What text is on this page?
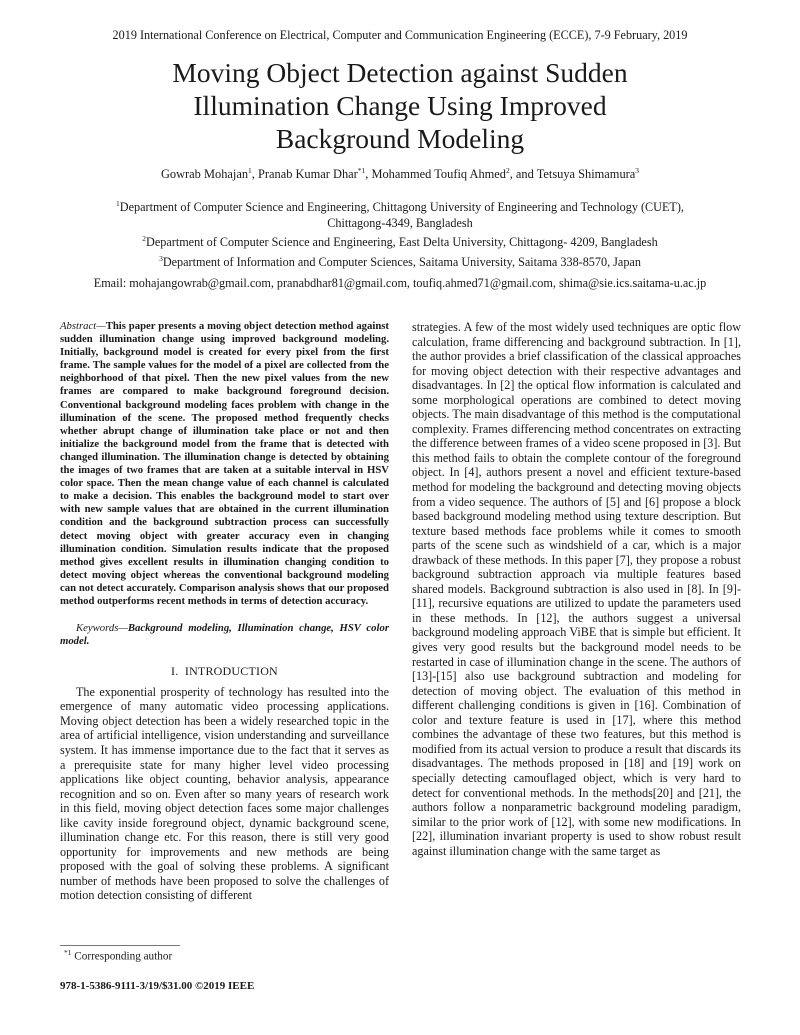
2019 International Conference on Electrical, Computer and Communication Engineering (ECCE), 7-9 February, 2019
Moving Object Detection against Sudden
Illumination Change Using Improved
Background Modeling
Gowrab Mohajan$^1$, Pranab Kumar Dhar$^{*1}$, Mohammed Toufiq Ahmed$^2$, and Tetsuya Shimamura$^3$
$^1$Department of Computer Science and Engineering, Chittagong University of Engineering and Technology (CUET),
Chittagong-4349, Bangladesh
$^2$Department of Computer Science and Engineering, East Delta University, Chittagong- 4209, Bangladesh
$^3$Department of Information and Computer Sciences, Saitama University, Saitama 338-8570, Japan
Email: mohajangowrab@gmail.com, pranabdhar81@gmail.com, toufiq.ahmed71@gmail.com, shima@sie.ics.saitama-u.ac.jp

Abstract—This paper presents a moving object detection method against sudden illumination change using improved background modeling. Initially, background model is created for every pixel from the first frame. The sample values for the model of a pixel are collected from the neighborhood of that pixel. Then the new pixel values from the new frames are compared to make background foreground decision. Conventional background modeling faces problem with change in the illumination of the scene. The proposed method frequently checks whether abrupt change of illumination take place or not and then initialize the background model from the frame that is detected with changed illumination. The illumination change is detected by obtaining the images of two frames that are taken at a suitable interval in HSV color space. Then the mean change value of each channel is calculated to make a decision. This enables the background model to start over with new sample values that are obtained in the current illumination condition and the background subtraction process can successfully detect moving object with greater accuracy even in changing illumination condition. Simulation results indicate that the proposed method gives excellent results in illumination changing condition to detect moving object whereas the conventional background modeling can not detect accurately. Comparison analysis shows that our proposed method outperforms recent methods in terms of detection accuracy.

Keywords—Background modeling, Illumination change, HSV color model.

I. INTRODUCTION

The exponential prosperity of technology has resulted into the emergence of many automatic video processing applications. Moving object detection has been a widely researched topic in the area of artificial intelligence, vision understanding and surveillance system. It has immense importance due to the fact that it serves as a prerequisite state for many higher level video processing applications like object counting, behavior analysis, appearance recognition and so on. Even after so many years of research work in this field, moving object detection faces some major challenges like cavity inside foreground object, dynamic background scene, illumination change etc. For this reason, there is still very good opportunity for improvements and new methods are being proposed with the goal of solving these problems. A significant number of methods have been proposed to solve the challenges of motion detection consisting of different

strategies. A few of the most widely used techniques are optic flow calculation, frame differencing and background subtraction. In [1], the author provides a brief classification of the classical approaches for moving object detection with their respective advantages and disadvantages. In [2] the optical flow information is calculated and some morphological operations are combined to detect moving objects. The main disadvantage of this method is the computational complexity. Frames differencing method concentrates on extracting the difference between frames of a video scene proposed in [3]. But this method fails to obtain the complete contour of the foreground object. In [4], authors present a novel and efficient texture-based method for modeling the background and detecting moving objects from a video sequence. The authors of [5] and [6] propose a block based background modeling method using texture description. But texture based methods face problems while it comes to smooth parts of the scene such as windshield of a car, which is a major drawback of these methods. In this paper [7], they propose a robust background subtraction approach via multiple features based shared models. Background subtraction is also used in [8]. In [9]-[11], recursive equations are utilized to update the parameters used in these methods. In [12], the authors suggest a universal background modeling approach ViBE that is simple but efficient. It gives very good results but the background model needs to be restarted in case of illumination change in the scene. The authors of [13]-[15] also use background subtraction and modeling for detection of moving object. The evaluation of this method in different challenging conditions is given in [16]. Combination of color and texture feature is used in [17], where this method combines the advantage of these two features, but this method is modified from its actual version to produce a result that discards its disadvantages. The methods proposed in [18] and [19] work on specially detecting camouflaged object, which is very hard to detect for conventional methods. In the methods[20] and [21], the authors follow a nonparametric background modeling paradigm, similar to the prior work of [12], with some new modifications. In [22], illumination invariant property is used to show robust result against illumination change with the same target as

$^{*1}$ Corresponding author
978-1-5386-9111-3/19/$31.00 ©2019 IEEE
